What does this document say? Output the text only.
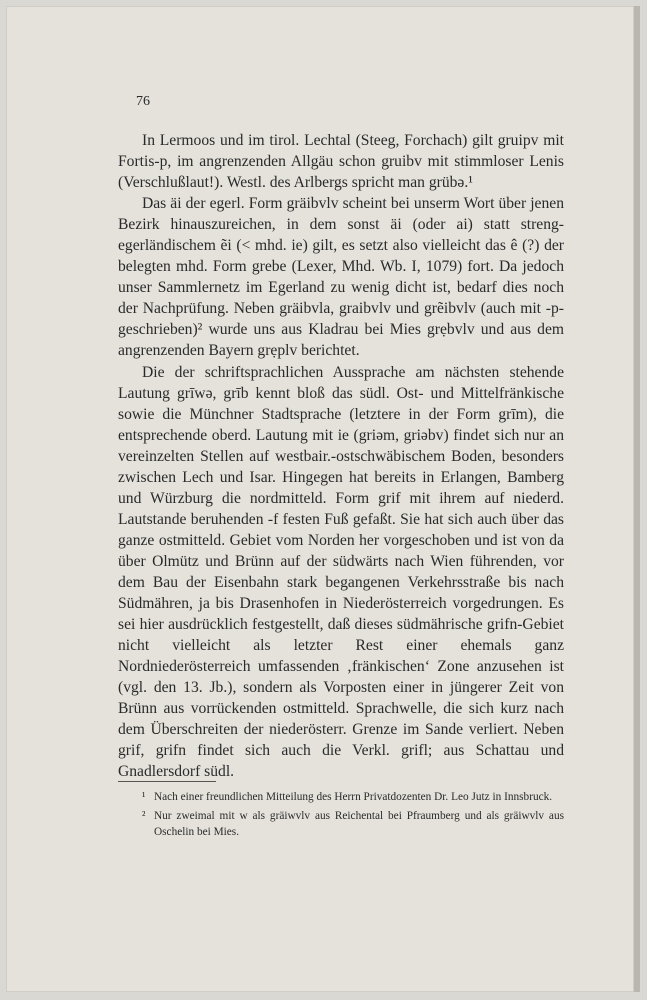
76

In Lermoos und im tirol. Lechtal (Steeg, Forchach) gilt gruipv mit Fortis-p, im angrenzenden Allgäu schon gruibv mit stimmloser Lenis (Verschlußlaut!). Westl. des Arlbergs spricht man grübə.¹

Das äi der egerl. Form gräibvlv scheint bei unserm Wort über jenen Bezirk hinauszureichen, in dem sonst äi (oder ai) statt streng-egerländischem ẽi (< mhd. ie) gilt, es setzt also vielleicht das ê (?) der belegten mhd. Form grebe (Lexer, Mhd. Wb. I, 1079) fort. Da jedoch unser Sammlernetz im Egerland zu wenig dicht ist, bedarf dies noch der Nachprüfung. Neben gräibvla, graibvlv und grẽibvlv (auch mit -p- geschrieben)² wurde uns aus Kladrau bei Mies grẹbvlv und aus dem angrenzenden Bayern grẹplv berichtet.

Die der schriftsprachlichen Aussprache am nächsten stehende Lautung grīwə, grīb kennt bloß das südl. Ost- und Mittelfränkische sowie die Münchner Stadtsprache (letztere in der Form grīm), die entsprechende oberd. Lautung mit ie (griəm, griəbv) findet sich nur an vereinzelten Stellen auf westbair.-ostschwäbischem Boden, besonders zwischen Lech und Isar. Hingegen hat bereits in Erlangen, Bamberg und Würzburg die nordmitteld. Form grif mit ihrem auf niederd. Lautstande beruhenden -f festen Fuß gefaßt. Sie hat sich auch über das ganze ostmitteld. Gebiet vom Norden her vorgeschoben und ist von da über Olmütz und Brünn auf der südwärts nach Wien führenden, vor dem Bau der Eisenbahn stark begangenen Verkehrsstraße bis nach Südmähren, ja bis Drasenhofen in Niederösterreich vorgedrungen. Es sei hier ausdrücklich festgestellt, daß dieses südmährische grifn-Gebiet nicht vielleicht als letzter Rest einer ehemals ganz Nordniederösterreich umfassenden ‚fränkischen‘ Zone anzusehen ist (vgl. den 13. Jb.), sondern als Vorposten einer in jüngerer Zeit von Brünn aus vorrückenden ostmitteld. Sprachwelle, die sich kurz nach dem Überschreiten der niederösterr. Grenze im Sande verliert. Neben grif, grifn findet sich auch die Verkl. grifl; aus Schattau und Gnadlersdorf südl.

¹ Nach einer freundlichen Mitteilung des Herrn Privatdozenten Dr. Leo Jutz in Innsbruck.

² Nur zweimal mit w als gräiwvlv aus Reichental bei Pfraumberg und als gräiwvlv aus Oschelin bei Mies.
